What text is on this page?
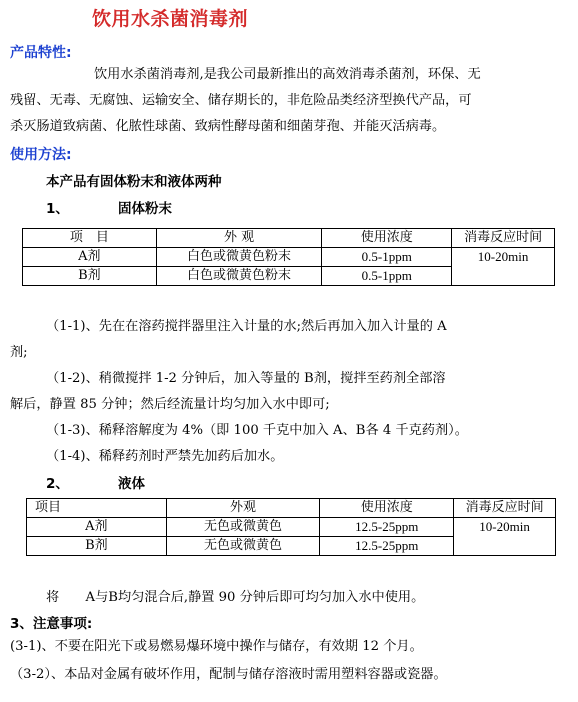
饮用水杀菌消毒剂
产品特性:
饮用水杀菌消毒剂,是我公司最新推出的高效消毒杀菌剂，环保、无
残留、无毒、无腐蚀、运输安全、储存期长的，非危险品类经济型换代产品，可
杀灭肠道致病菌、化脓性球菌、致病性酵母菌和细菌芽孢、并能灭活病毒。
使用方法:
本产品有固体粉末和液体两种
1、	固体粉末
项　目	外 观	使用浓度	消毒反应时间
A剂	白色或微黄色粉末	0.5-1ppm	10-20min
B剂	白色或微黄色粉末	0.5-1ppm	
（1-1)、先在在溶药搅拌器里注入计量的水;然后再加入加入计量的 A
剂;
（1-2)、稍微搅拌 1-2 分钟后，加入等量的 B剂，搅拌至药剂全部溶
解后，静置 85 分钟；然后经流量计均匀加入水中即可;
（1-3)、稀释溶解度为 4%（即 100 千克中加入 A、B各 4 千克药剂）。
（1-4)、稀释药剂时严禁先加药后加水。
2、	液体
项目	外观	使用浓度	消毒反应时间
A剂	无色或微黄色	12.5-25ppm	10-20min
B剂	无色或微黄色	12.5-25ppm	
将　　A与B均匀混合后,静置 90 分钟后即可均匀加入水中使用。
3、注意事项:
(3-1)、不要在阳光下或易燃易爆环境中操作与储存，有效期 12 个月。
（3-2）、本品对金属有破坏作用，配制与储存溶液时需用塑料容器或瓷器。
